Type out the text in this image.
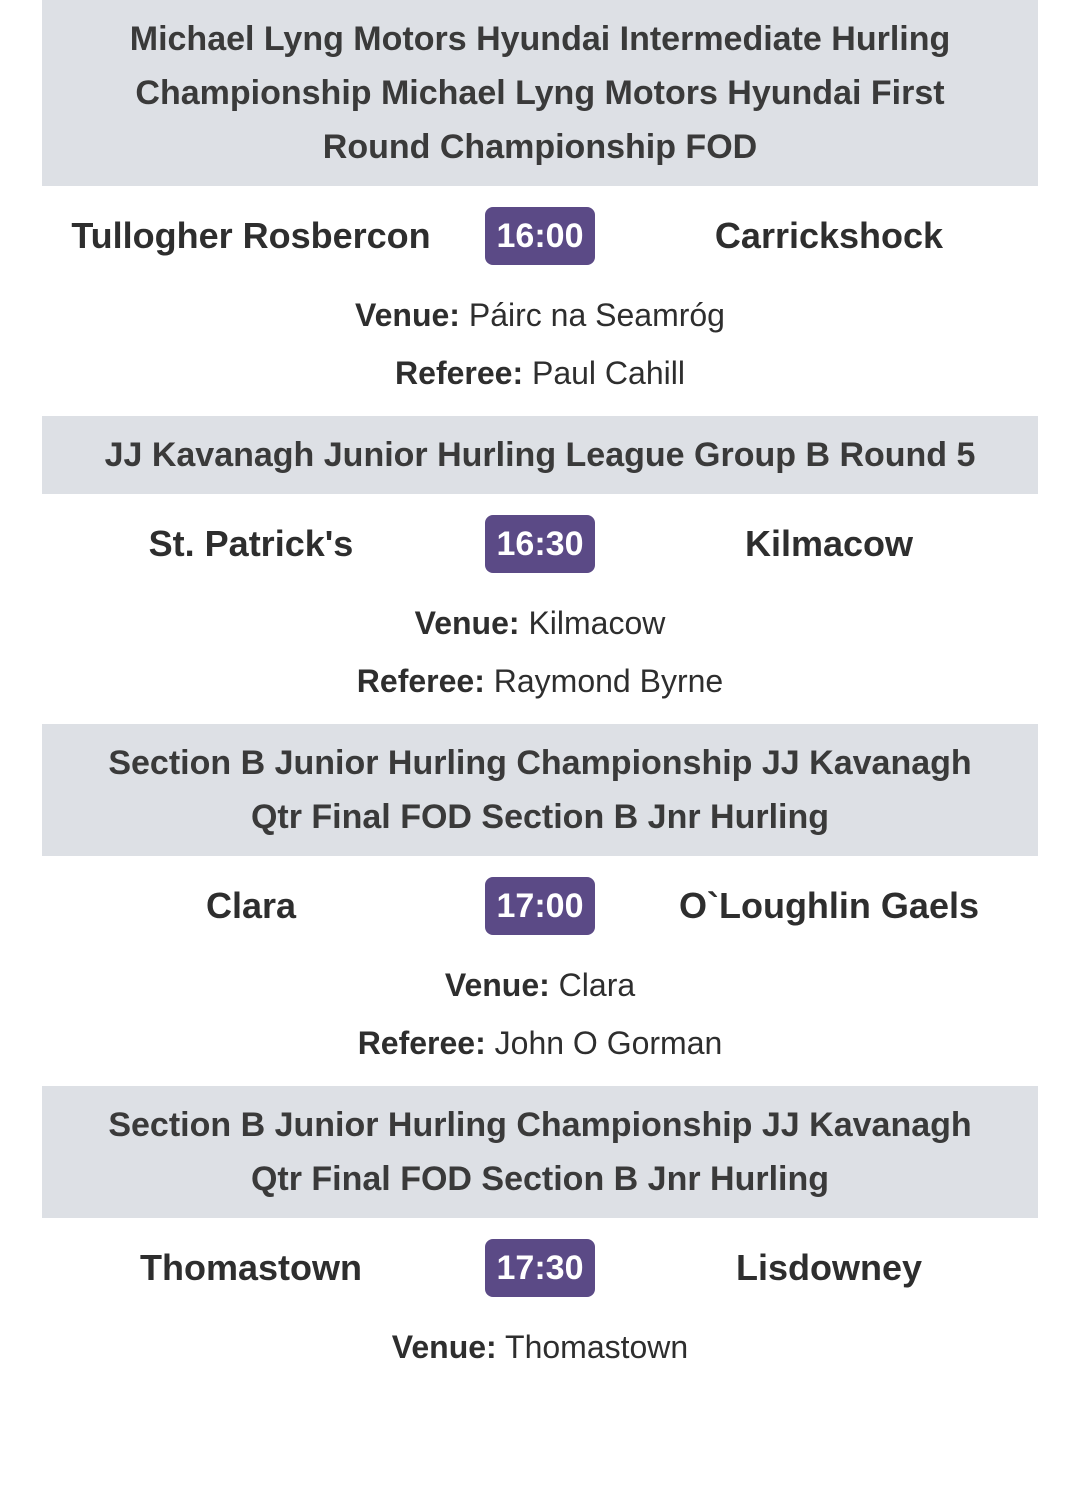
Michael Lyng Motors Hyundai Intermediate Hurling Championship Michael Lyng Motors Hyundai First Round Championship FOD
Tullogher Rosbercon	16:00	Carrickshock
Venue: Páirc na Seamróg
Referee: Paul Cahill
JJ Kavanagh Junior Hurling League Group B Round 5
St. Patrick's	16:30	Kilmacow
Venue: Kilmacow
Referee: Raymond Byrne
Section B Junior Hurling Championship JJ Kavanagh Qtr Final FOD Section B Jnr Hurling
Clara	17:00	O`Loughlin Gaels
Venue: Clara
Referee: John O Gorman
Section B Junior Hurling Championship JJ Kavanagh Qtr Final FOD Section B Jnr Hurling
Thomastown	17:30	Lisdowney
Venue: Thomastown
